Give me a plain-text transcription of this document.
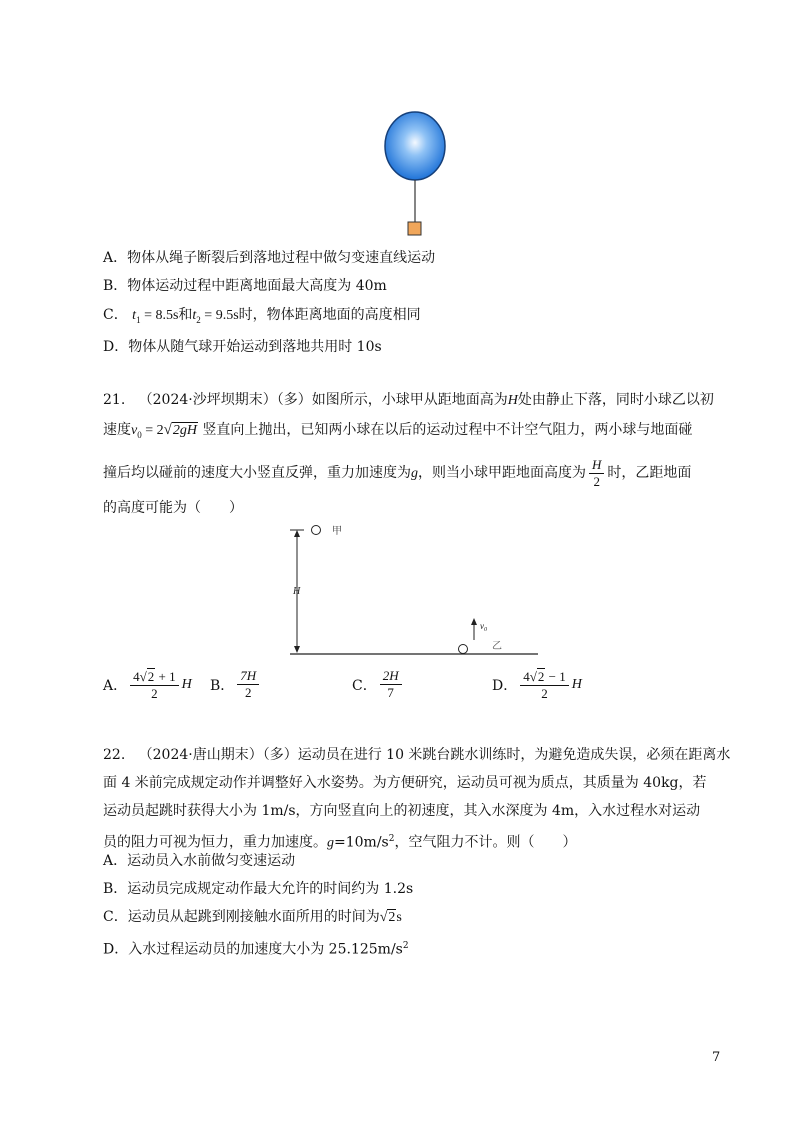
A．物体从绳子断裂后到落地过程中做匀变速直线运动
B．物体运动过程中距离地面最大高度为 40m
C． $t_1 = 8.5s$和$t_2 = 9.5s$时，物体距离地面的高度相同
D．物体从随气球开始运动到落地共用时 10s
21. （2024·沙坪坝期末）（多）如图所示，小球甲从距地面高为H处由静止下落，同时小球乙以初
速度$v_0 = 2√2gH$ 竖直向上抛出，已知两小球在以后的运动过程中不计空气阻力，两小球与地面碰
撞后均以碰前的速度大小竖直反弹，重力加速度为g，则当小球甲距地面高度为 $\frac{H}{2}$ 时，乙距地面
的高度可能为（　　）
甲
H
$v_0$
乙
A． $\frac{4√2 + 1}{2}$ H B． $\frac{7H}{2}$	C． $\frac{2H}{7}$	D． $\frac{4√2 - 1}{2}$ H
22. （2024·唐山期末）（多）运动员在进行 10 米跳台跳水训练时，为避免造成失误，必须在距离水
面 4 米前完成规定动作并调整好入水姿势。为方便研究，运动员可视为质点，其质量为 40kg，若
运动员起跳时获得大小为 1m/s，方向竖直向上的初速度，其入水深度为 4m，入水过程水对运动
员的阻力可视为恒力，重力加速度。$g=10m/s^2$，空气阻力不计。则（　　）
A．运动员入水前做匀变速运动
B．运动员完成规定动作最大允许的时间约为 1.2s
C．运动员从起跳到刚接触水面所用的时间为√2s
D．入水过程运动员的加速度大小为 $25.125m/s^2$
7
